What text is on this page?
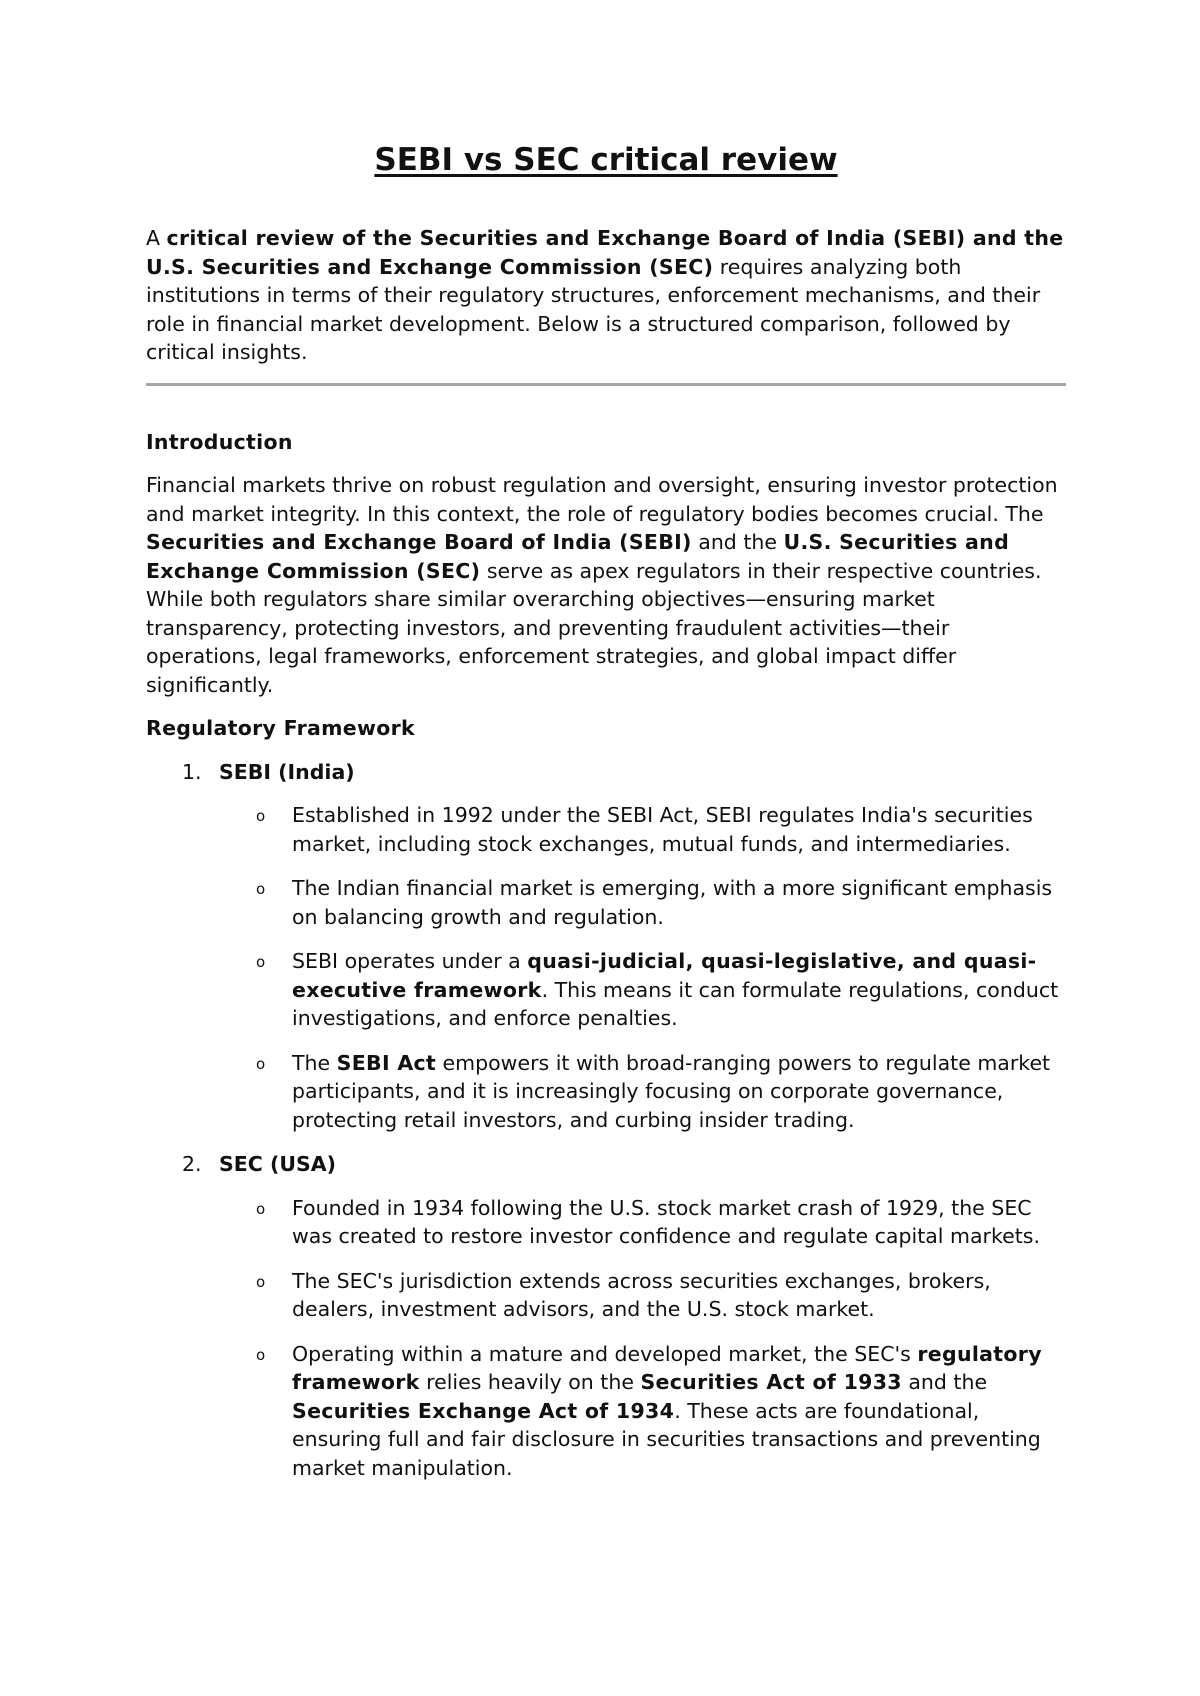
SEBI vs SEC critical review

A critical review of the Securities and Exchange Board of India (SEBI) and the U.S. Securities and Exchange Commission (SEC) requires analyzing both institutions in terms of their regulatory structures, enforcement mechanisms, and their role in financial market development. Below is a structured comparison, followed by critical insights.

Introduction

Financial markets thrive on robust regulation and oversight, ensuring investor protection and market integrity. In this context, the role of regulatory bodies becomes crucial. The Securities and Exchange Board of India (SEBI) and the U.S. Securities and Exchange Commission (SEC) serve as apex regulators in their respective countries. While both regulators share similar overarching objectives—ensuring market transparency, protecting investors, and preventing fraudulent activities—their operations, legal frameworks, enforcement strategies, and global impact differ significantly.

Regulatory Framework

1. SEBI (India)
o Established in 1992 under the SEBI Act, SEBI regulates India's securities market, including stock exchanges, mutual funds, and intermediaries.
o The Indian financial market is emerging, with a more significant emphasis on balancing growth and regulation.
o SEBI operates under a quasi-judicial, quasi-legislative, and quasi-executive framework. This means it can formulate regulations, conduct investigations, and enforce penalties.
o The SEBI Act empowers it with broad-ranging powers to regulate market participants, and it is increasingly focusing on corporate governance, protecting retail investors, and curbing insider trading.
2. SEC (USA)
o Founded in 1934 following the U.S. stock market crash of 1929, the SEC was created to restore investor confidence and regulate capital markets.
o The SEC's jurisdiction extends across securities exchanges, brokers, dealers, investment advisors, and the U.S. stock market.
o Operating within a mature and developed market, the SEC's regulatory framework relies heavily on the Securities Act of 1933 and the Securities Exchange Act of 1934. These acts are foundational, ensuring full and fair disclosure in securities transactions and preventing market manipulation.
